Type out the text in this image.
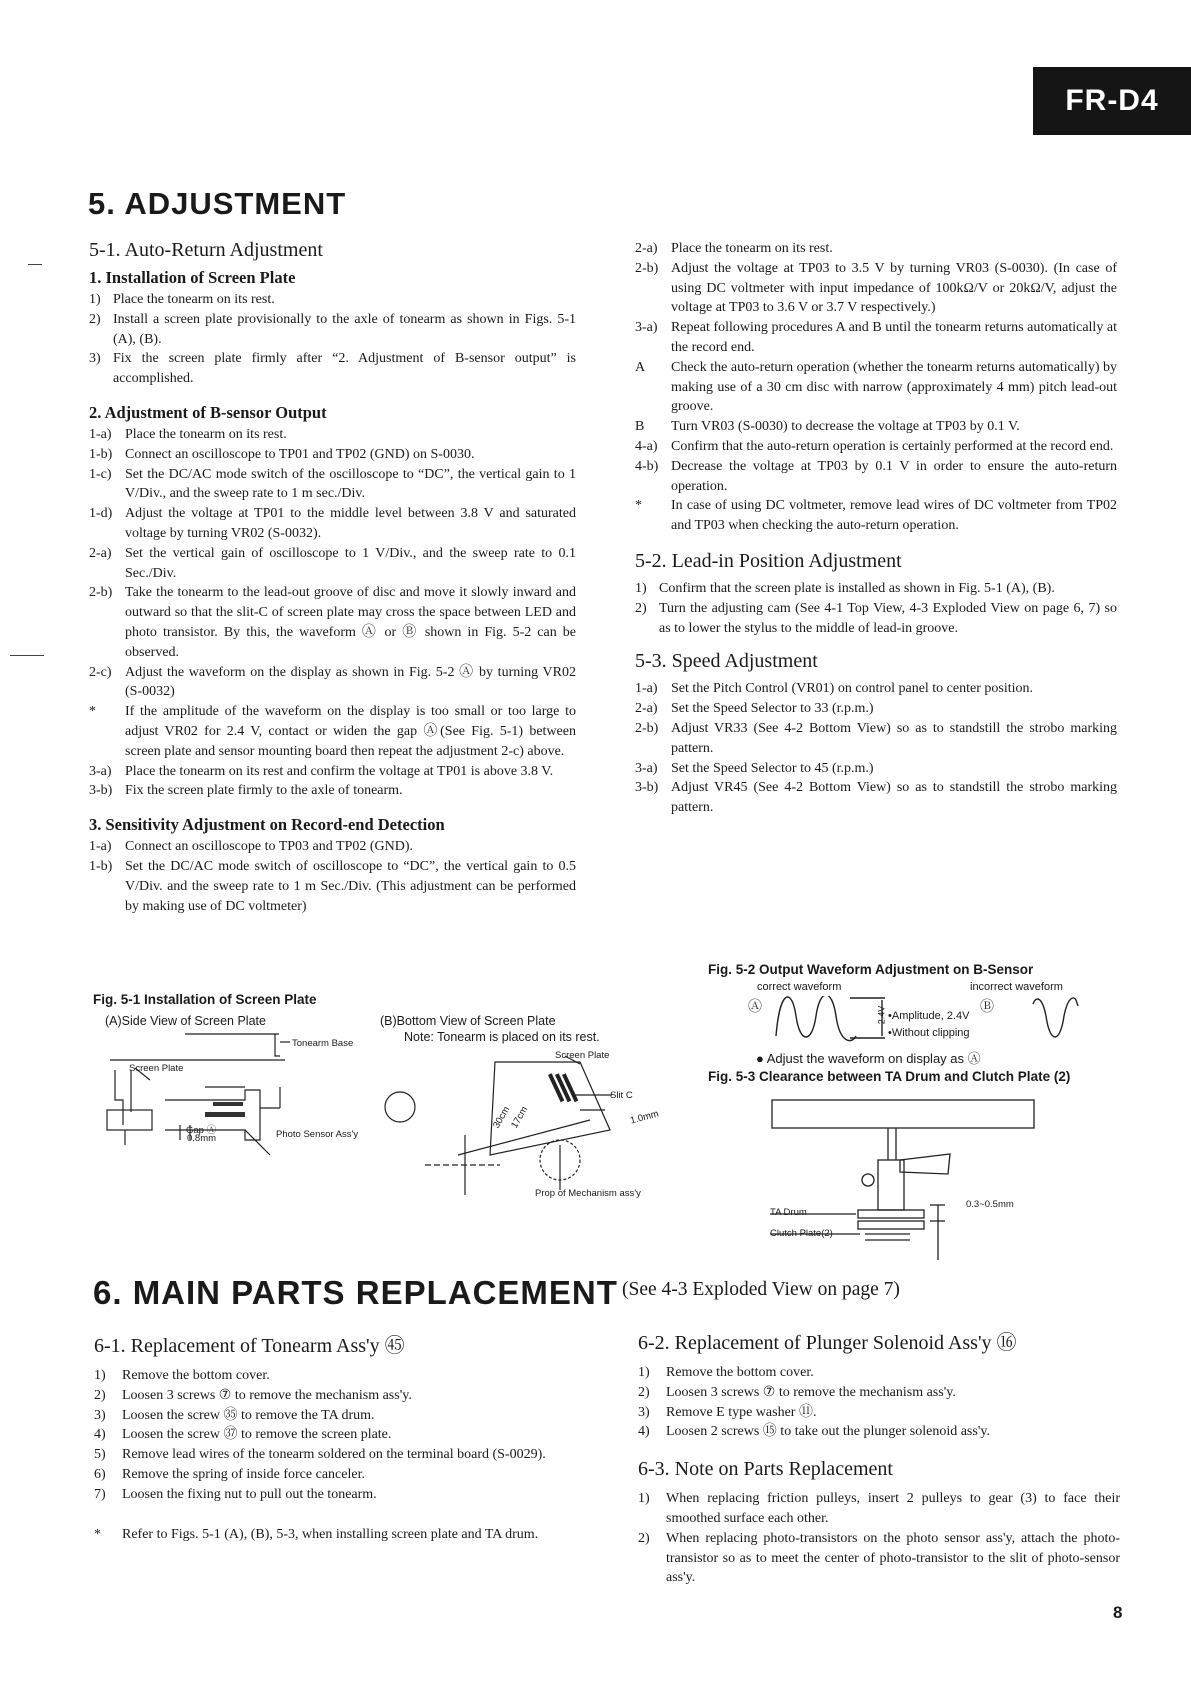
FR-D4
5. ADJUSTMENT
5-1. Auto-Return Adjustment
1. Installation of Screen Plate
1) Place the tonearm on its rest.
2) Install a screen plate provisionally to the axle of tonearm as shown in Figs. 5-1 (A), (B).
3) Fix the screen plate firmly after “2. Adjustment of B-sensor output” is accomplished.
2. Adjustment of B-sensor Output
1-a) Place the tonearm on its rest.
1-b) Connect an oscilloscope to TP01 and TP02 (GND) on S-0030.
1-c) Set the DC/AC mode switch of the oscilloscope to “DC”, the vertical gain to 1 V/Div., and the sweep rate to 1 m sec./Div.
1-d) Adjust the voltage at TP01 to the middle level between 3.8 V and saturated voltage by turning VR02 (S-0032).
2-a) Set the vertical gain of oscilloscope to 1 V/Div., and the sweep rate to 0.1 Sec./Div.
2-b) Take the tonearm to the lead-out groove of disc and move it slowly inward and outward so that the slit-C of screen plate may cross the space between LED and photo transistor. By this, the waveform Ⓐ or Ⓑ shown in Fig. 5-2 can be observed.
2-c) Adjust the waveform on the display as shown in Fig. 5-2 Ⓐ by turning VR02 (S-0032)
*	If the amplitude of the waveform on the display is too small or too large to adjust VR02 for 2.4 V, contact or widen the gap Ⓐ(See Fig. 5-1) between screen plate and sensor mounting board then repeat the adjustment 2-c) above.
3-a) Place the tonearm on its rest and confirm the voltage at TP01 is above 3.8 V.
3-b) Fix the screen plate firmly to the axle of tonearm.
3. Sensitivity Adjustment on Record-end Detection
1-a) Connect an oscilloscope to TP03 and TP02 (GND).
1-b) Set the DC/AC mode switch of oscilloscope to “DC”, the vertical gain to 0.5 V/Div. and the sweep rate to 1 m Sec./Div. (This adjustment can be performed by making use of DC voltmeter)
2-a) Place the tonearm on its rest.
2-b) Adjust the voltage at TP03 to 3.5 V by turning VR03 (S-0030). (In case of using DC voltmeter with input impedance of 100kΩ/V or 20kΩ/V, adjust the voltage at TP03 to 3.6 V or 3.7 V respectively.)
3-a) Repeat following procedures A and B until the tonearm returns automatically at the record end.
A	Check the auto-return operation (whether the tonearm returns automatically) by making use of a 30 cm disc with narrow (approximately 4 mm) pitch lead-out groove.
B	Turn VR03 (S-0030) to decrease the voltage at TP03 by 0.1 V.
4-a) Confirm that the auto-return operation is certainly performed at the record end.
4-b) Decrease the voltage at TP03 by 0.1 V in order to ensure the auto-return operation.
*	In case of using DC voltmeter, remove lead wires of DC voltmeter from TP02 and TP03 when checking the auto-return operation.
5-2. Lead-in Position Adjustment
1) Confirm that the screen plate is installed as shown in Fig. 5-1 (A), (B).
2) Turn the adjusting cam (See 4-1 Top View, 4-3 Exploded View on page 6, 7) so as to lower the stylus to the middle of lead-in groove.
5-3. Speed Adjustment
1-a) Set the Pitch Control (VR01) on control panel to center position.
2-a) Set the Speed Selector to 33 (r.p.m.)
2-b) Adjust VR33 (See 4-2 Bottom View) so as to standstill the strobo marking pattern.
3-a) Set the Speed Selector to 45 (r.p.m.)
3-b) Adjust VR45 (See 4-2 Bottom View) so as to standstill the strobo marking pattern.
Fig. 5-1 Installation of Screen Plate
(A)Side View of Screen Plate	(B)Bottom View of Screen Plate
Note: Tonearm is placed on its rest.
Tonearm Base
Screen Plate
Gap Ⓐ
0.8mm	Photo Sensor Ass'y
Screen Plate
Slit C
1.0mm
30cm
17cm
Prop of Mechanism ass'y
Fig. 5-2 Output Waveform Adjustment on B-Sensor
correct waveform	incorrect waveform
Ⓐ	Ⓑ
2.4V •Amplitude, 2.4V
•Without clipping
● Adjust the waveform on display as Ⓐ
Fig. 5-3 Clearance between TA Drum and Clutch Plate (2)
TA Drum
Clutch Plate(2)
0.3~0.5mm
6. MAIN PARTS REPLACEMENT (See 4-3 Exploded View on page 7)
6-1. Replacement of Tonearm Ass'y ㊺
1)	Remove the bottom cover.
2)	Loosen 3 screws ⑦ to remove the mechanism ass'y.
3)	Loosen the screw ㉟ to remove the TA drum.
4)	Loosen the screw ㊲ to remove the screen plate.
5)	Remove lead wires of the tonearm soldered on the terminal board (S-0029).
6)	Remove the spring of inside force canceler.
7)	Loosen the fixing nut to pull out the tonearm.
*	Refer to Figs. 5-1 (A), (B), 5-3, when installing screen plate and TA drum.
6-2. Replacement of Plunger Solenoid Ass'y ⑯
1)	Remove the bottom cover.
2)	Loosen 3 screws ⑦ to remove the mechanism ass'y.
3)	Remove E type washer ⑪.
4)	Loosen 2 screws ⑮ to take out the plunger solenoid ass'y.
6-3. Note on Parts Replacement
1)	When replacing friction pulleys, insert 2 pulleys to gear (3) to face their smoothed surface each other.
2)	When replacing photo-transistors on the photo sensor ass'y, attach the photo-transistor so as to meet the center of photo-transistor to the slit of photo-sensor ass'y.
8
